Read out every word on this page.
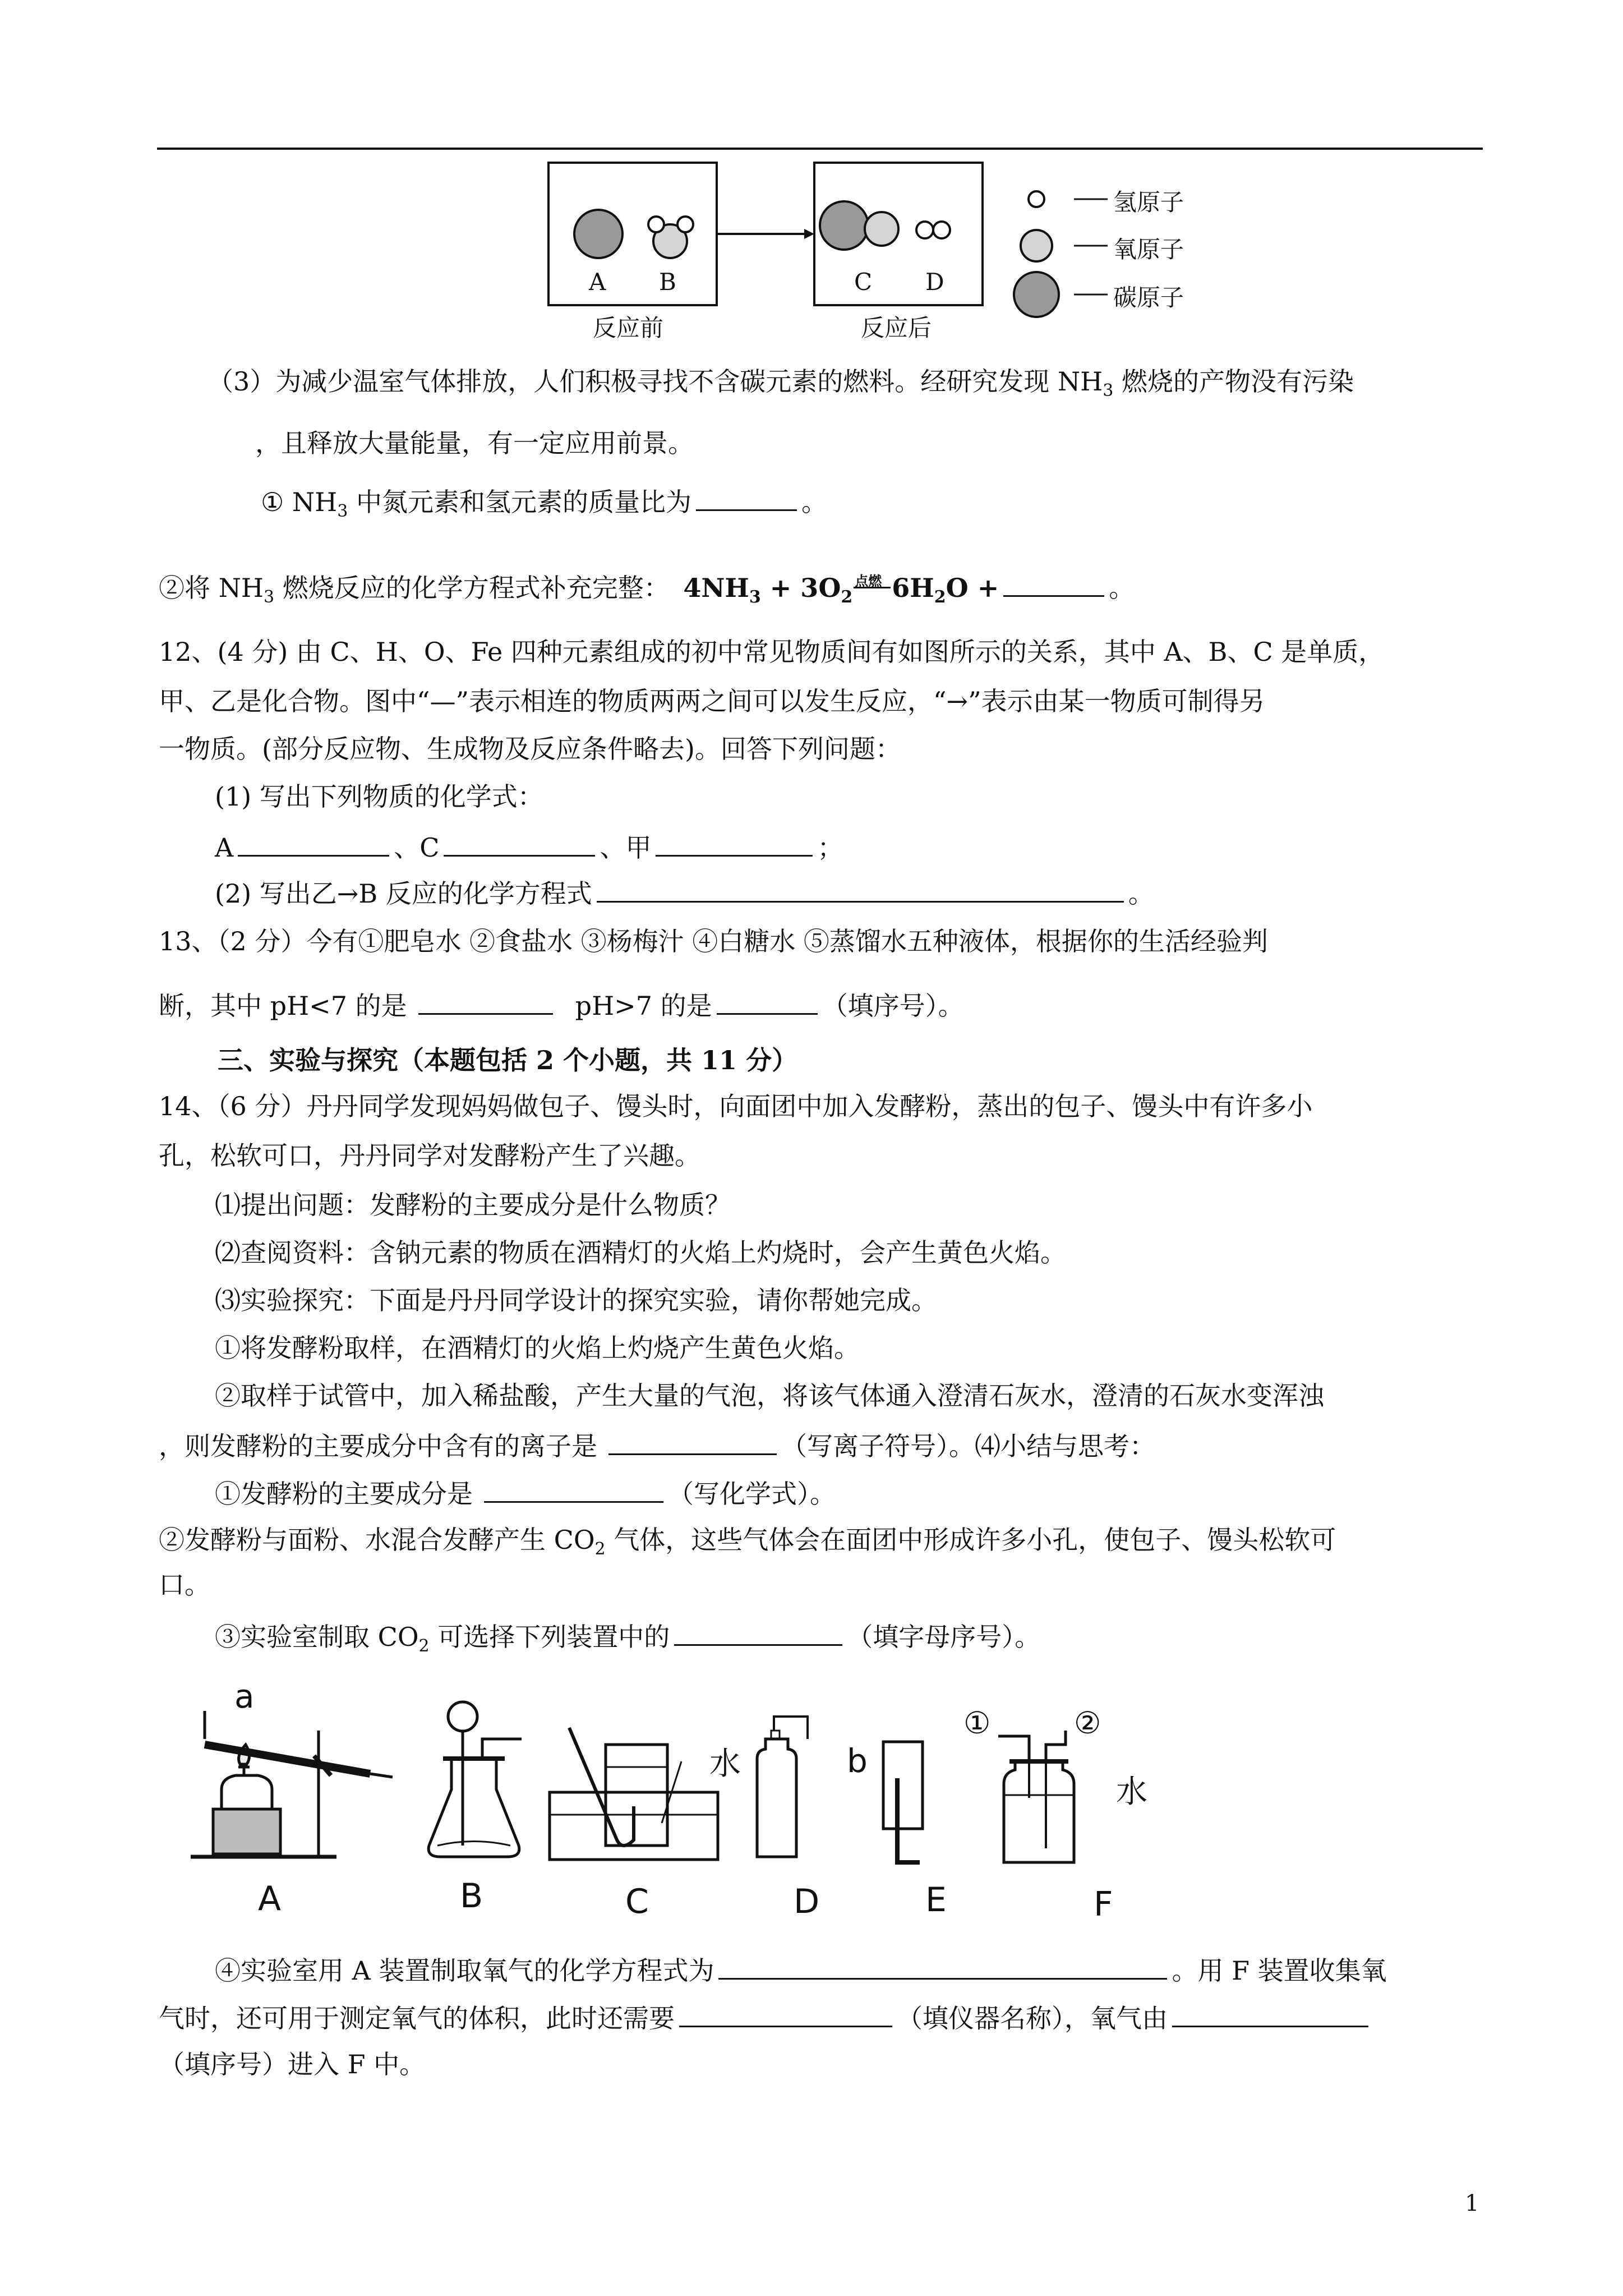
A B
反应前
C D
反应后
氢原子
氧原子
碳原子
（3）为减少温室气体排放，人们积极寻找不含碳元素的燃料。经研究发现 $NH_3$ 燃烧的产物没有污染
，且释放大量能量，有一定应用前景。
① $NH_3$ 中氮元素和氢元素的质量比为	。
②将 $NH_3$ 燃烧反应的化学方程式补充完整： $4NH_3 + 3O_2$
点燃 $6H_2O$ +	。
12、(4 分) 由 C、H、O、Fe 四种元素组成的初中常见物质间有如图所示的关系，其中 A、B、C 是单质，
甲、乙是化合物。图中“—”表示相连的物质两两之间可以发生反应，“→”表示由某一物质可制得另
一物质。(部分反应物、生成物及反应条件略去)。回答下列问题：
(1) 写出下列物质的化学式：
A	、C	、甲	；
(2) 写出乙→B 反应的化学方程式	。
13、（2 分）今有①肥皂水 ②食盐水 ③杨梅汁 ④白糖水 ⑤蒸馏水五种液体，根据你的生活经验判
断，其中 pH<7 的是	pH>7 的是	（填序号）。
三、实验与探究（本题包括 2 个小题，共 11 分）
14、（6 分）丹丹同学发现妈妈做包子、馒头时，向面团中加入发酵粉，蒸出的包子、馒头中有许多小
孔，松软可口，丹丹同学对发酵粉产生了兴趣。
⑴提出问题：发酵粉的主要成分是什么物质？
⑵查阅资料：含钠元素的物质在酒精灯的火焰上灼烧时，会产生黄色火焰。
⑶实验探究：下面是丹丹同学设计的探究实验，请你帮她完成。
①将发酵粉取样，在酒精灯的火焰上灼烧产生黄色火焰。
②取样于试管中，加入稀盐酸，产生大量的气泡，将该气体通入澄清石灰水，澄清的石灰水变浑浊
，则发酵粉的主要成分中含有的离子是	（写离子符号）。⑷小结与思考：
①发酵粉的主要成分是	（写化学式）。
②发酵粉与面粉、水混合发酵产生 $CO_2$ 气体，这些气体会在面团中形成许多小孔，使包子、馒头松软可
口。
③实验室制取 $CO_2$ 可选择下列装置中的	（填字母序号）。
a
b
水
水
①	②
A	B	C	D	E	F
④实验室用 A 装置制取氧气的化学方程式为	。用 F 装置收集氧
气时，还可用于测定氧气的体积，此时还需要	（填仪器名称），氧气由
（填序号）进入 F 中。
1
